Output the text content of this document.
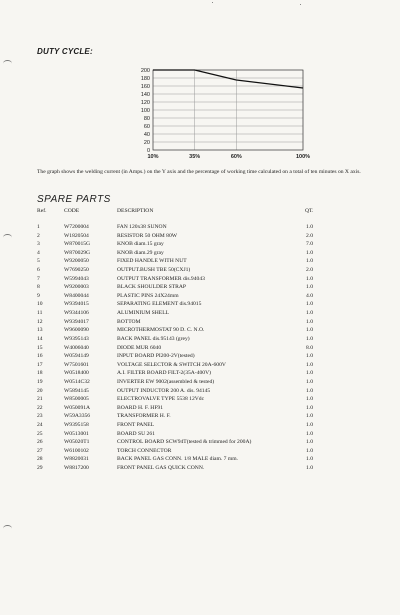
DUTY CYCLE:
0
20
40
60
80
100
120
140
160
180
200
10%	35%	60%	100%
The graph shows the welding current (in Amps.) on the Y axis and the percentage of working time calculated on a total of ten minutes on X axis.
SPARE PARTS
Ref.	CODE	DESCRIPTION	QT.
1	W7200004	FAN 120x38 SUNON	1.0
2	W1820504	RESISTOR 50 OHM 80W	2.0
3	W870015G	KNOB diam.15 gray	7.0
4	W870029G	KNOB diam.29 gray	1.0
5	W9200050	FIXED HANDLE WITH NUT	1.0
6	W7690250	OUTPUT.BUSH TBE 50(CXJ1)	2.0
7	W5994043	OUTPUT TRANSFORMER dis.94043	1.0
8	W9200003	BLACK SHOULDER STRAP	1.0
9	W8400044	PLASTIC PINS 24X24mm	4.0
10	W9394015	SEPARATING ELEMENT dis.94015	1.0
11	W9344106	ALUMINIUM SHELL	1.0
12	W9394017	BOTTOM	1.0
13	W9600090	MICROTHERMOSTAT 90 D. C. N.O.	1.0
14	W9395143	BACK PANEL dis.95143 (grey)	1.0
15	W4006040	DIODE MUR 6040	8.0
16	W0594149	INPUT BOARD PI200-2V(tested)	1.0
17	W7501601	VOLTAGE SELECTOR & SWITCH 20A-600V	1.0
18	W0518400	A.I. FILTER BOARD FILT-2(35A-400V)	1.0
19	W0514C32	INVERTER EW 9002(assembled & tested)	1.0
20	W5894145	OUTPUT INDUCTOR 200 A. dis. 94145	1.0
21	W8500005	ELECTROVALVE TYPE 5538 12Vdc	1.0
22	W050091A	BOARD H. F. HF91	1.0
23	W59A3356	TRANSFORMER H. F.	1.0
24	W9395158	FRONT PANEL	1.0
25	W0513001	BOARD SU 261	1.0
26	W05020T1	CONTROL BOARD SCW94T(tested & trimmed for 200A)	1.0
27	W6100102	TORCH CONNECTOR	1.0
28	W8820031	BACK PANEL GAS CONN. 1/8 MALE diam. 7 mm.	1.0
29	W8817200	FRONT PANEL GAS QUICK CONN.	1.0
